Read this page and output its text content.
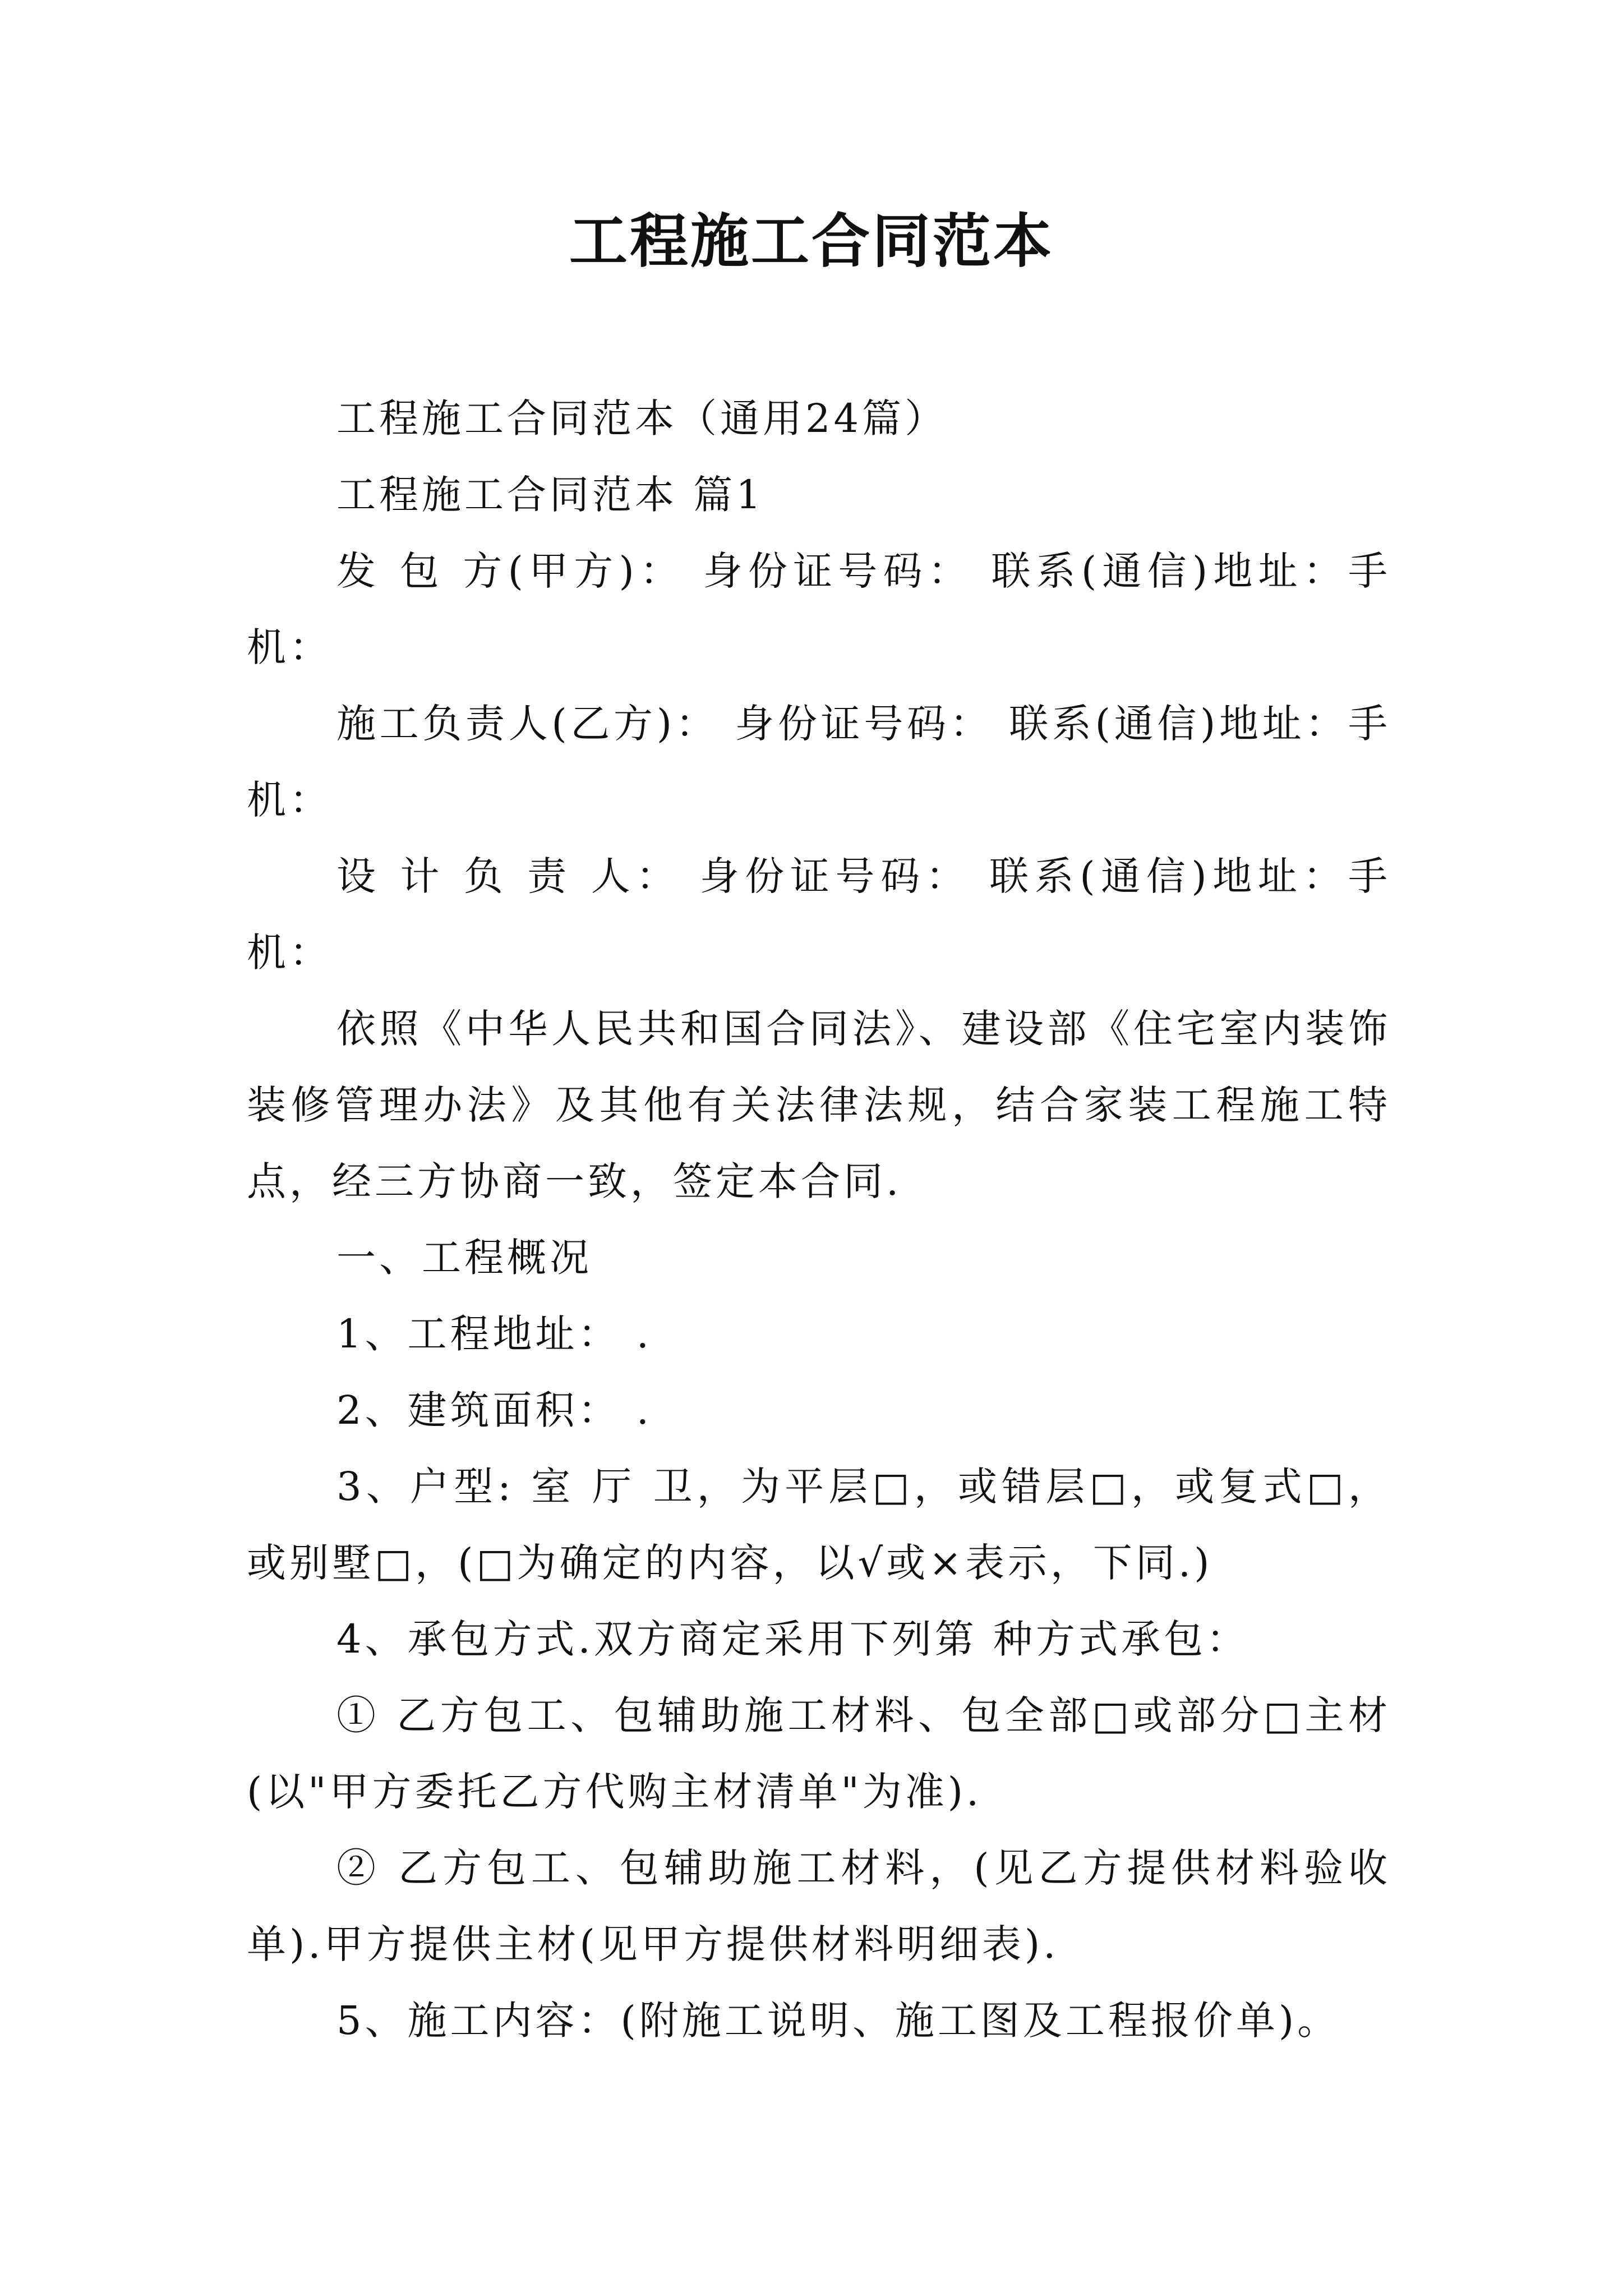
工程施工合同范本

工程施工合同范本（通用24篇）

工程施工合同范本 篇1

发 包 方(甲方)： 身份证号码： 联系(通信)地址：手机：

施工负责人(乙方)： 身份证号码： 联系(通信)地址：手机：

设 计 负 责 人： 身份证号码： 联系(通信)地址：手机：

依照《中华人民共和国合同法》、建设部《住宅室内装饰装修管理办法》及其他有关法律法规，结合家装工程施工特点，经三方协商一致，签定本合同.

一、工程概况

1、工程地址： .

2、建筑面积： .

3、户型: 室 厅 卫，为平层□，或错层□，或复式□，或别墅□，(□为确定的内容，以√或×表示，下同.)

4、承包方式.双方商定采用下列第 种方式承包：

① 乙方包工、包辅助施工材料、包全部□或部分□主材(以"甲方委托乙方代购主材清单"为准).

② 乙方包工、包辅助施工材料，(见乙方提供材料验收单).甲方提供主材(见甲方提供材料明细表).

5、施工内容：(附施工说明、施工图及工程报价单)。
